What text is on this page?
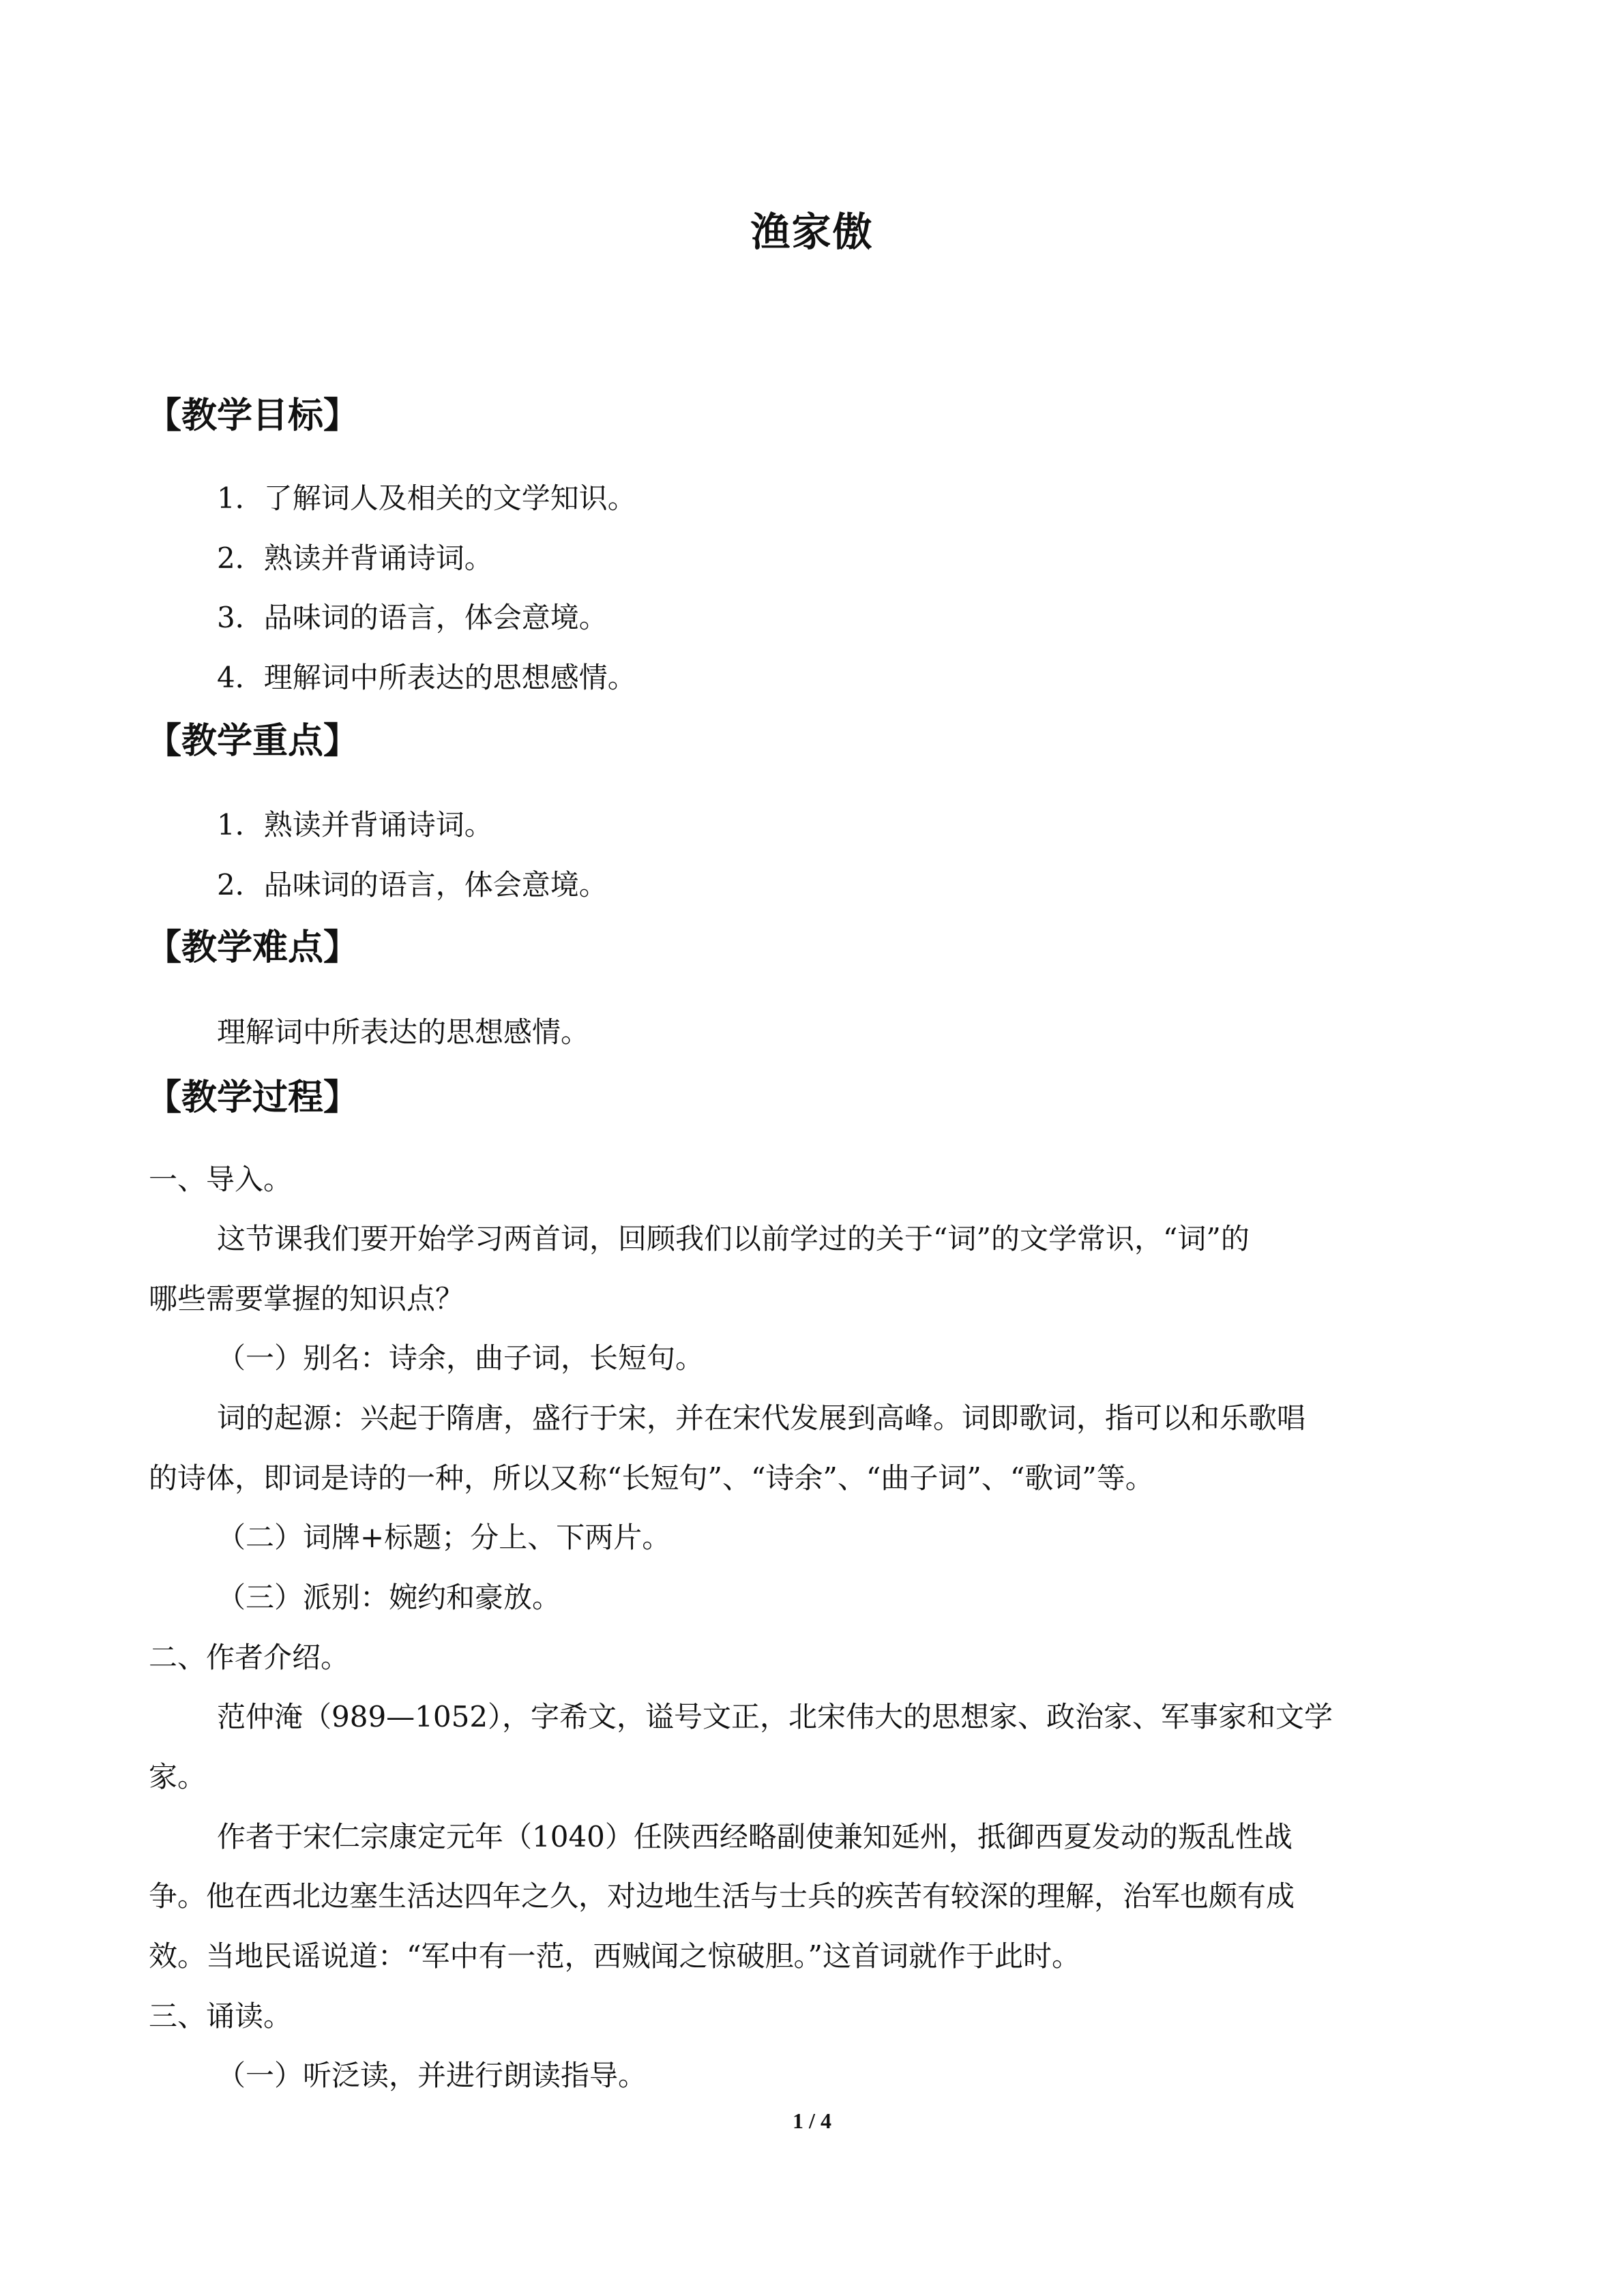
渔家傲
【教学目标】
1．了解词人及相关的文学知识。
2．熟读并背诵诗词。
3．品味词的语言，体会意境。
4．理解词中所表达的思想感情。
【教学重点】
1．熟读并背诵诗词。
2．品味词的语言，体会意境。
【教学难点】
理解词中所表达的思想感情。
【教学过程】
一、导入。
这节课我们要开始学习两首词，回顾我们以前学过的关于“词”的文学常识，“词”的
哪些需要掌握的知识点？
（一）别名：诗余，曲子词，长短句。
词的起源：兴起于隋唐，盛行于宋，并在宋代发展到高峰。词即歌词，指可以和乐歌唱
的诗体，即词是诗的一种，所以又称“长短句”、“诗余”、“曲子词”、“歌词”等。
（二）词牌+标题；分上、下两片。
（三）派别：婉约和豪放。
二、作者介绍。
范仲淹（989—1052），字希文，谥号文正，北宋伟大的思想家、政治家、军事家和文学
家。
作者于宋仁宗康定元年（1040）任陕西经略副使兼知延州，抵御西夏发动的叛乱性战
争。他在西北边塞生活达四年之久，对边地生活与士兵的疾苦有较深的理解，治军也颇有成
效。当地民谣说道：“军中有一范，西贼闻之惊破胆。”这首词就作于此时。
三、诵读。
（一）听泛读，并进行朗读指导。
1 / 4
